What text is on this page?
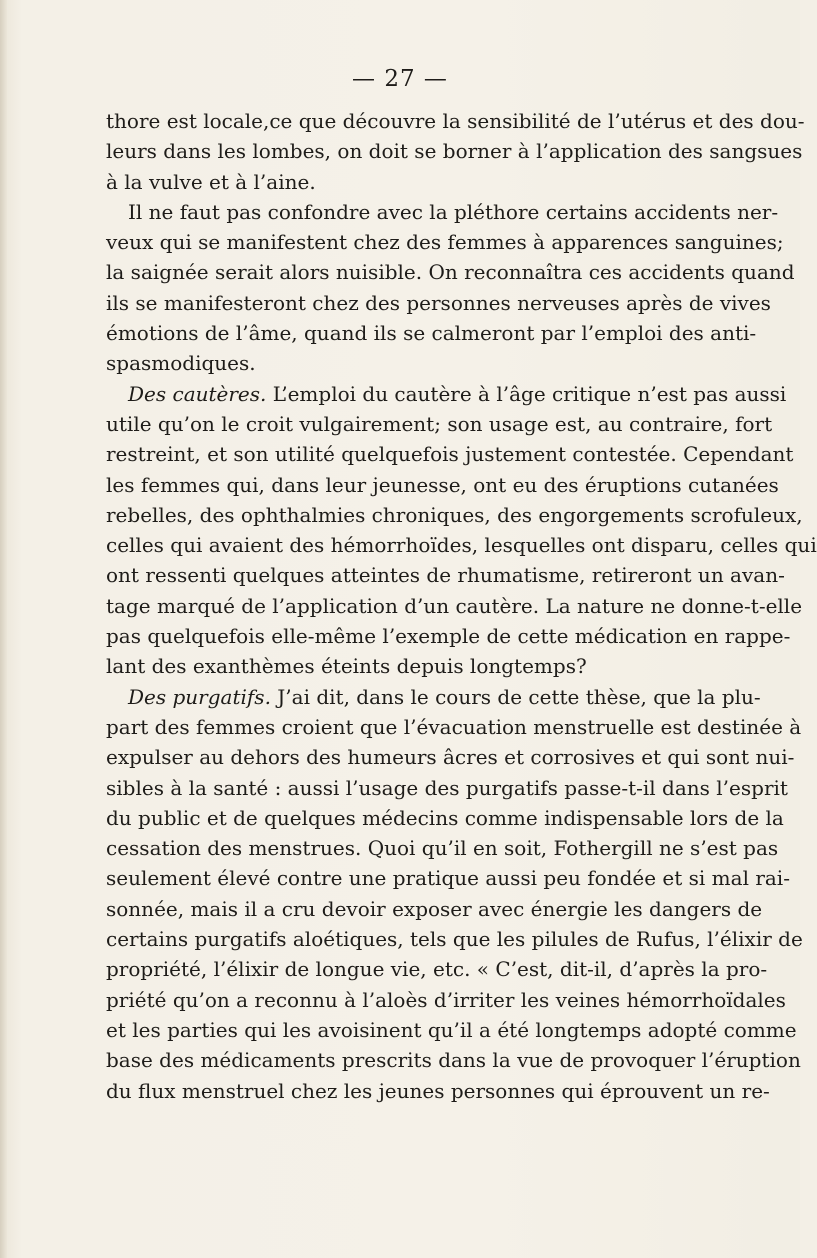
— 27 —

thore est locale,ce que découvre la sensibilité de l’utérus et des dou-
leurs dans les lombes, on doit se borner à l’application des sangsues
à la vulve et à l’aine.
Il ne faut pas confondre avec la pléthore certains accidents ner-
veux qui se manifestent chez des femmes à apparences sanguines;
la saignée serait alors nuisible. On reconnaîtra ces accidents quand
ils se manifesteront chez des personnes nerveuses après de vives
émotions de l’âme, quand ils se calmeront par l’emploi des anti-
spasmodiques.
Des cautères. L’emploi du cautère à l’âge critique n’est pas aussi
utile qu’on le croit vulgairement; son usage est, au contraire, fort
restreint, et son utilité quelquefois justement contestée. Cependant
les femmes qui, dans leur jeunesse, ont eu des éruptions cutanées
rebelles, des ophthalmies chroniques, des engorgements scrofuleux,
celles qui avaient des hémorrhoïdes, lesquelles ont disparu, celles qui
ont ressenti quelques atteintes de rhumatisme, retireront un avan-
tage marqué de l’application d’un cautère. La nature ne donne-t-elle
pas quelquefois elle-même l’exemple de cette médication en rappe-
lant des exanthèmes éteints depuis longtemps?
Des purgatifs. J’ai dit, dans le cours de cette thèse, que la plu-
part des femmes croient que l’évacuation menstruelle est destinée à
expulser au dehors des humeurs âcres et corrosives et qui sont nui-
sibles à la santé : aussi l’usage des purgatifs passe-t-il dans l’esprit
du public et de quelques médecins comme indispensable lors de la
cessation des menstrues. Quoi qu’il en soit, Fothergill ne s’est pas
seulement élevé contre une pratique aussi peu fondée et si mal rai-
sonnée, mais il a cru devoir exposer avec énergie les dangers de
certains purgatifs aloétiques, tels que les pilules de Rufus, l’élixir de
propriété, l’élixir de longue vie, etc. « C’est, dit-il, d’après la pro-
priété qu’on a reconnu à l’aloès d’irriter les veines hémorrhoïdales
et les parties qui les avoisinent qu’il a été longtemps adopté comme
base des médicaments prescrits dans la vue de provoquer l’éruption
du flux menstruel chez les jeunes personnes qui éprouvent un re-
